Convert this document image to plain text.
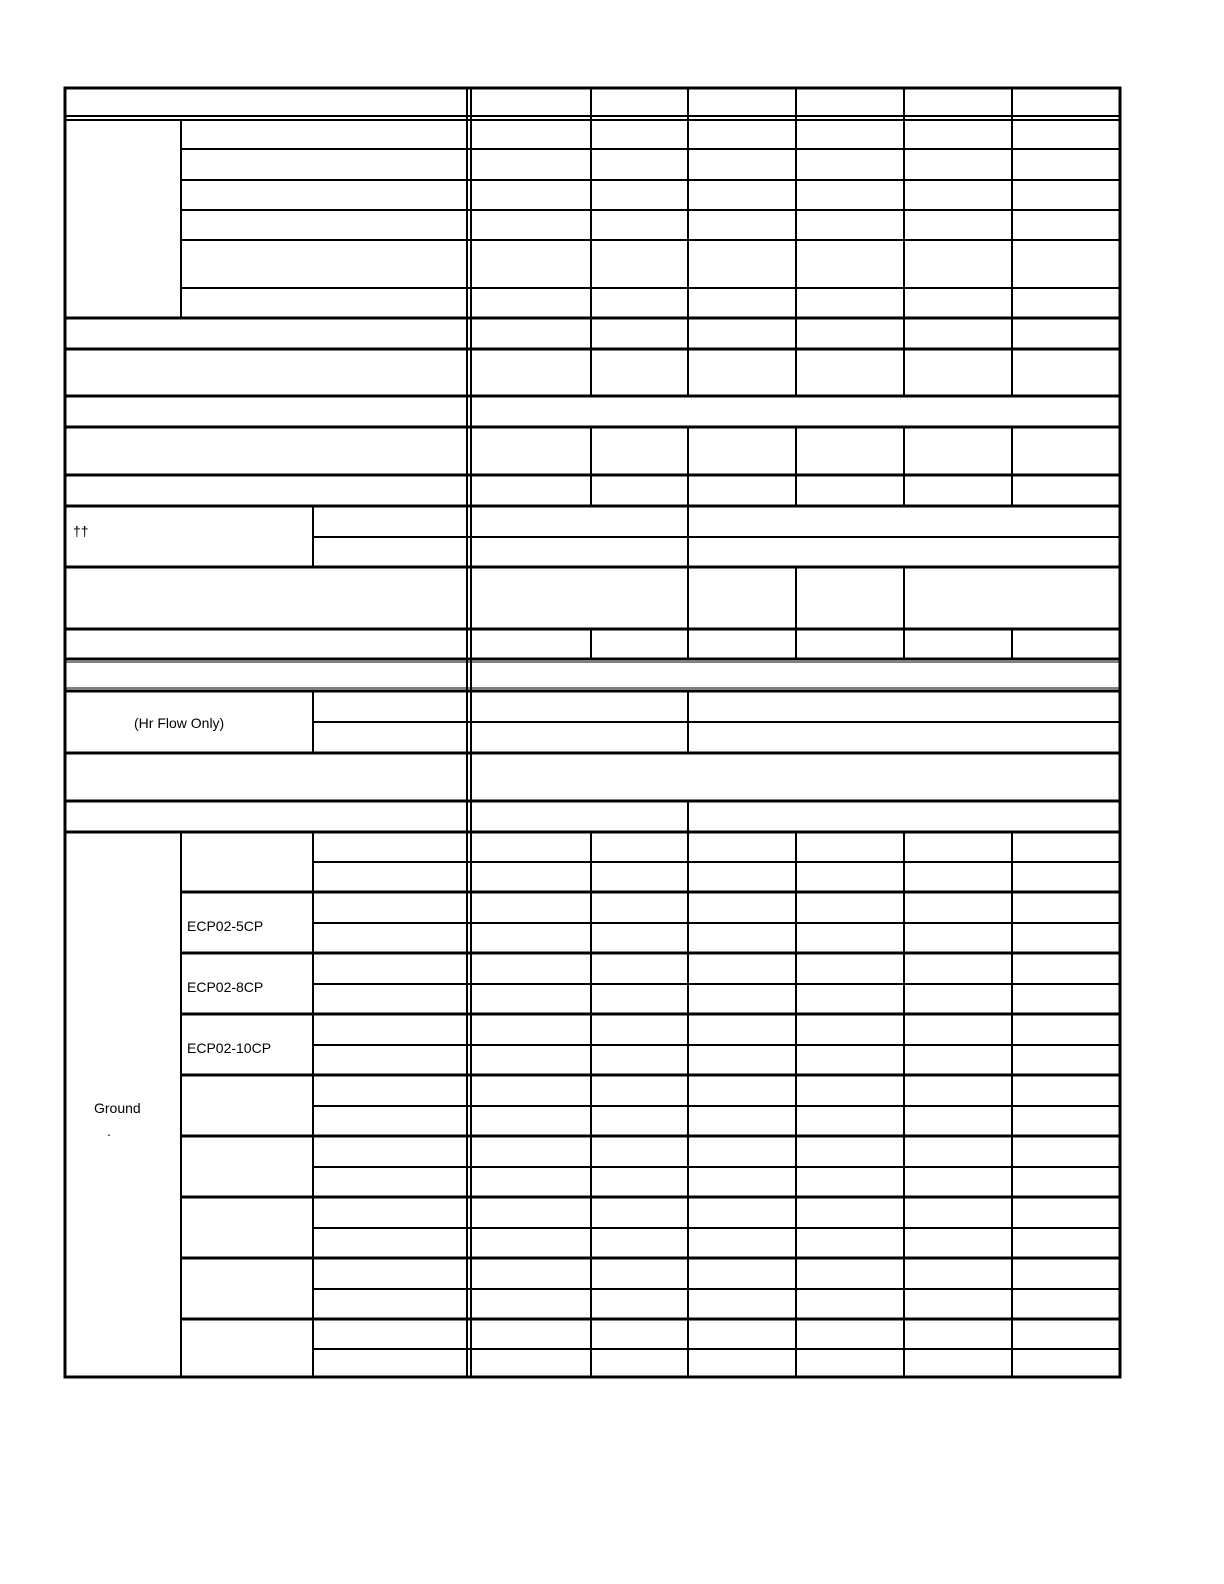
††
(Hr Flow Only)
ECP02-5CP
ECP02-8CP
ECP02-10CP
Ground
.
